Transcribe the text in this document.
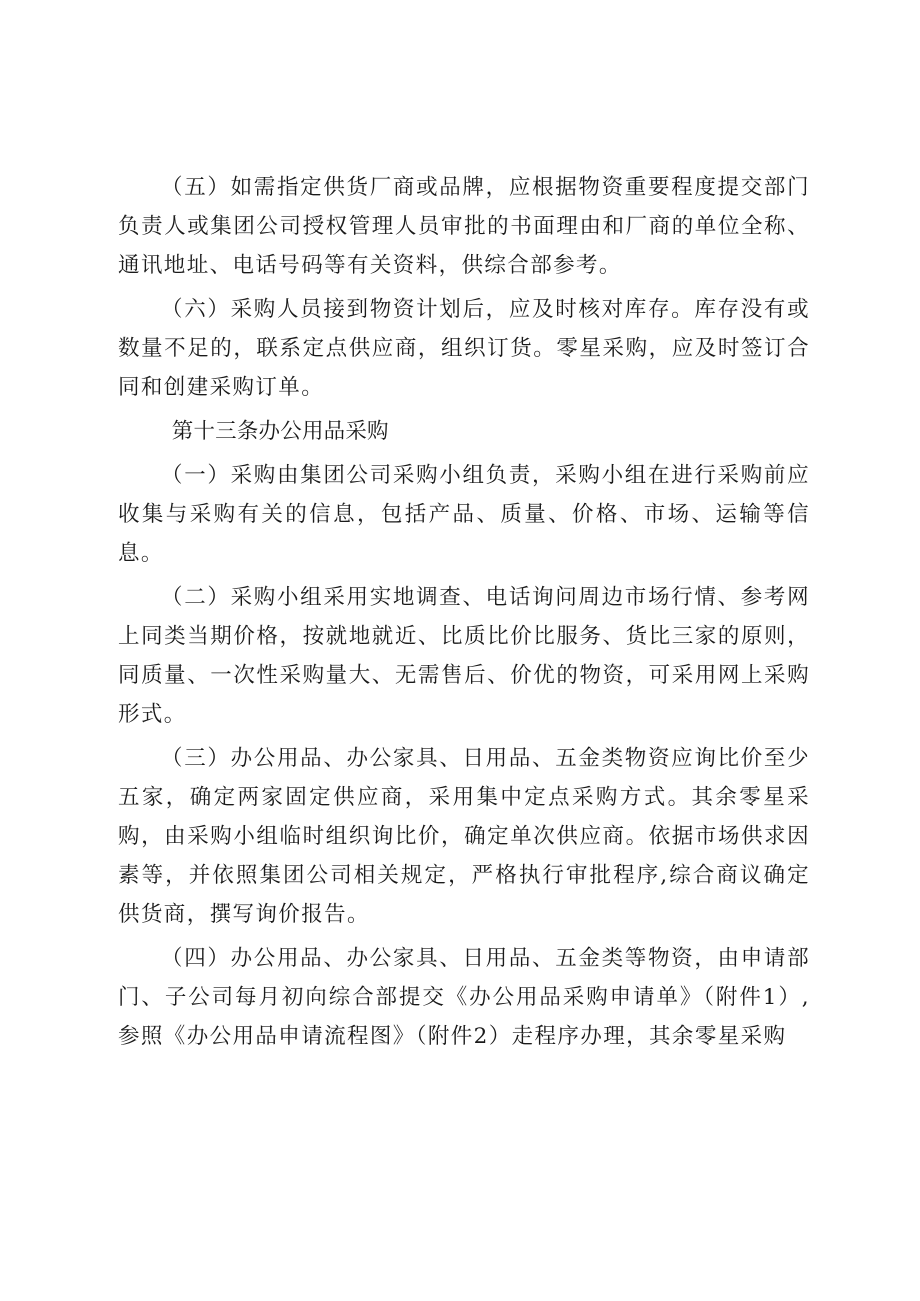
（五）如需指定供货厂商或品牌，应根据物资重要程度提交部门负责人或集团公司授权管理人员审批的书面理由和厂商的单位全称、通讯地址、电话号码等有关资料，供综合部参考。

（六）采购人员接到物资计划后，应及时核对库存。库存没有或数量不足的，联系定点供应商，组织订货。零星采购，应及时签订合同和创建采购订单。

第十三条办公用品采购

（一）采购由集团公司采购小组负责，采购小组在进行采购前应收集与采购有关的信息，包括产品、质量、价格、市场、运输等信息。

（二）采购小组采用实地调查、电话询问周边市场行情、参考网上同类当期价格，按就地就近、比质比价比服务、货比三家的原则，同质量、一次性采购量大、无需售后、价优的物资，可采用网上采购形式。

（三）办公用品、办公家具、日用品、五金类物资应询比价至少五家，确定两家固定供应商，采用集中定点采购方式。其余零星采购，由采购小组临时组织询比价，确定单次供应商。依据市场供求因素等，并依照集团公司相关规定，严格执行审批程序,综合商议确定供货商，撰写询价报告。

（四）办公用品、办公家具、日用品、五金类等物资，由申请部门、子公司每月初向综合部提交《办公用品采购申请单》（附件1）,参照《办公用品申请流程图》（附件2）走程序办理，其余零星采购
